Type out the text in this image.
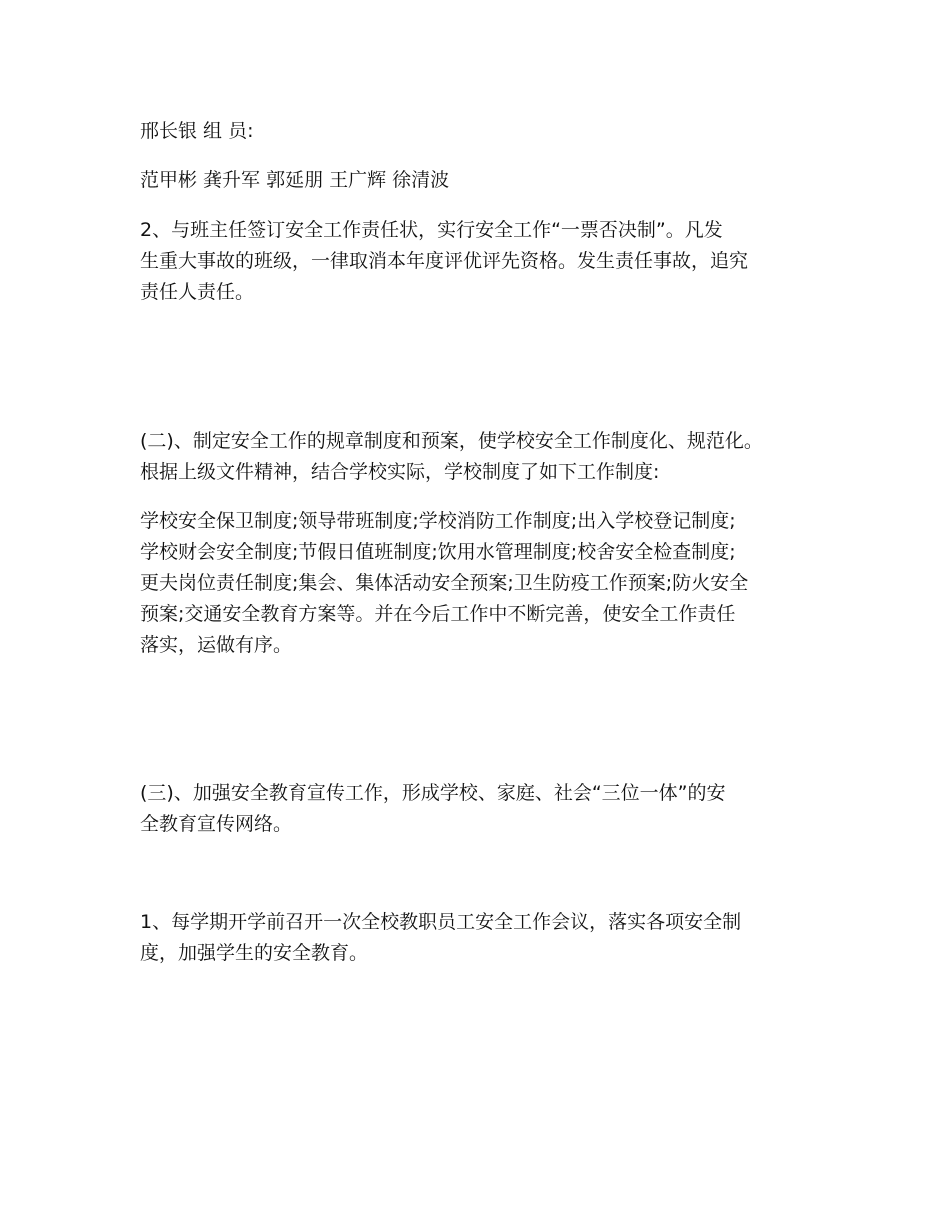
邢长银 组 员:
范甲彬 龚升军 郭延朋 王广辉 徐清波
2、与班主任签订安全工作责任状，实行安全工作“一票否决制”。凡发
生重大事故的班级，一律取消本年度评优评先资格。发生责任事故，追究
责任人责任。
(二)、制定安全工作的规章制度和预案，使学校安全工作制度化、规范化。
根据上级文件精神，结合学校实际，学校制度了如下工作制度:
学校安全保卫制度;领导带班制度;学校消防工作制度;出入学校登记制度;
学校财会安全制度;节假日值班制度;饮用水管理制度;校舍安全检查制度;
更夫岗位责任制度;集会、集体活动安全预案;卫生防疫工作预案;防火安全
预案;交通安全教育方案等。并在今后工作中不断完善，使安全工作责任
落实，运做有序。
(三)、加强安全教育宣传工作，形成学校、家庭、社会“三位一体”的安
全教育宣传网络。
1、每学期开学前召开一次全校教职员工安全工作会议，落实各项安全制
度，加强学生的安全教育。
